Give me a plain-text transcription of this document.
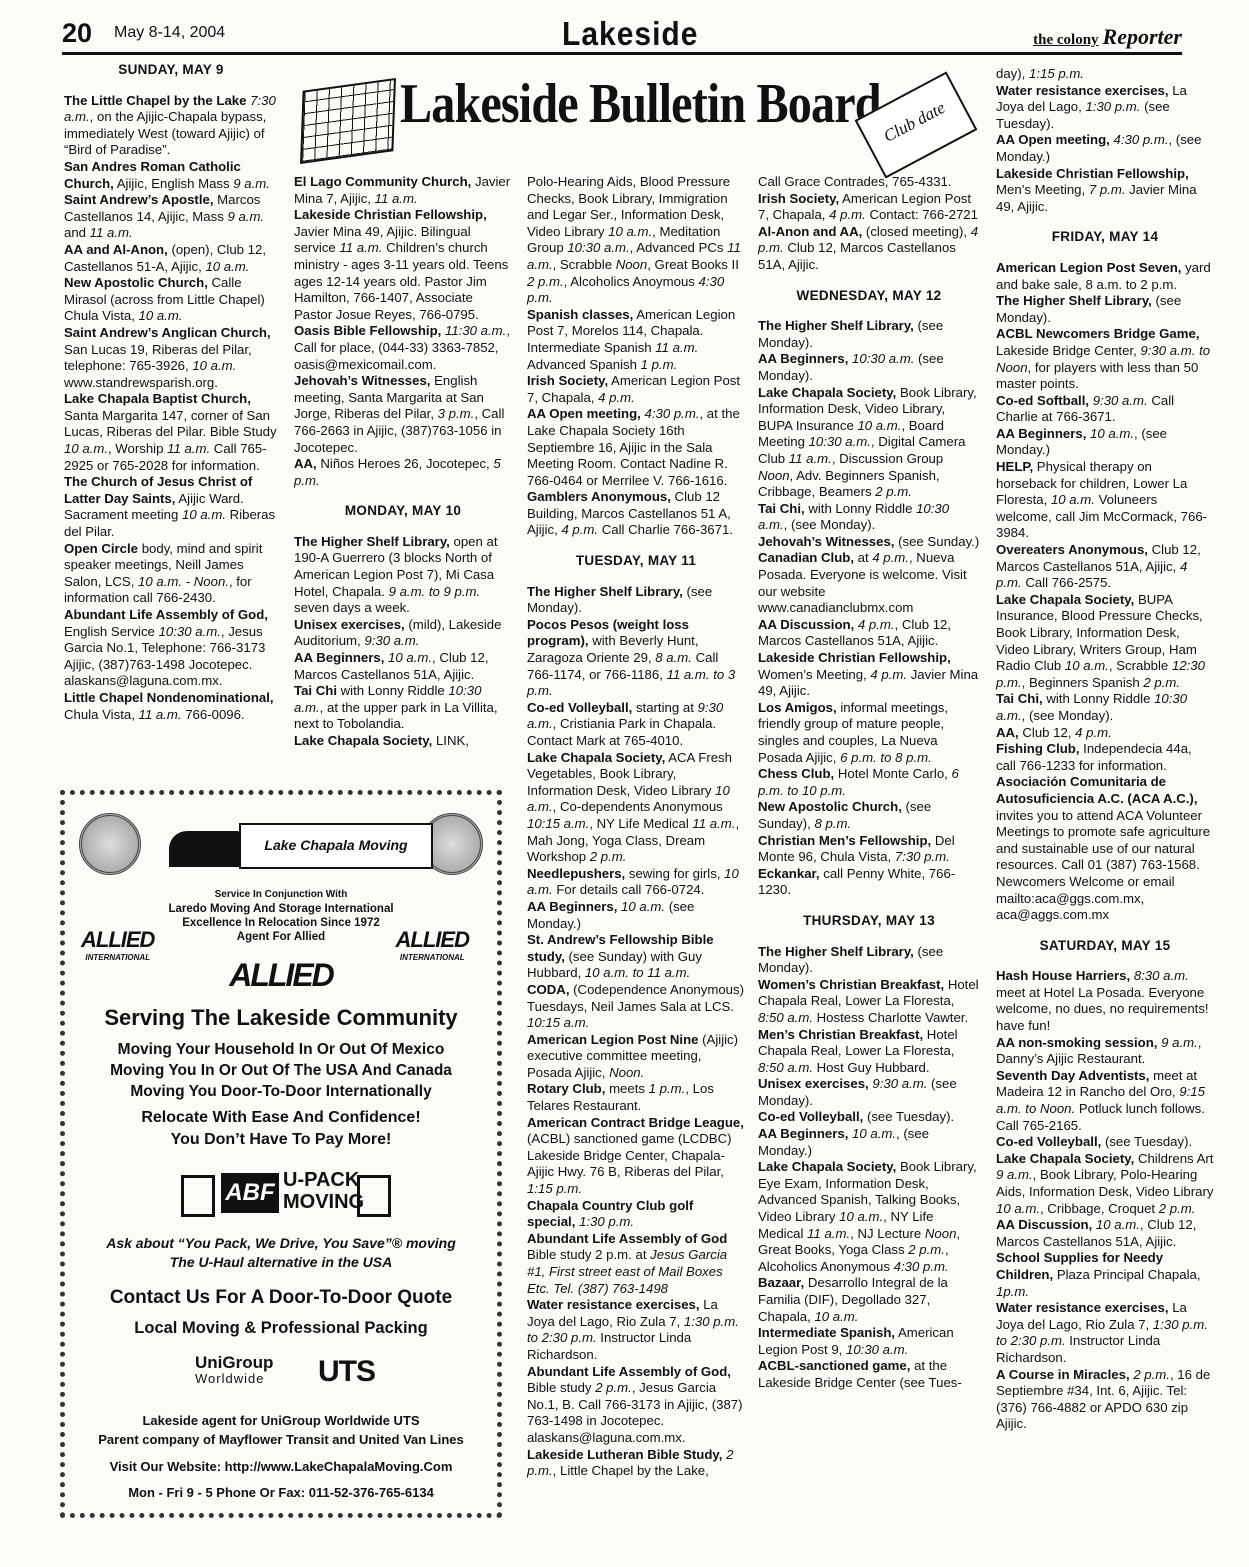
20 May 8-14, 2004	Lakeside	the colony Reporter
Lakeside Bulletin Board Club date
SUNDAY, MAY 9

The Little Chapel by the Lake 7:30 a.m., on the Ajijic-Chapala bypass, immediately West (toward Ajijic) of “Bird of Paradise”.

San Andres Roman Catholic Church, Ajijic, English Mass 9 a.m.

Saint Andrew’s Apostle, Marcos Castellanos 14, Ajijic, Mass 9 a.m. and 11 a.m.

AA and Al-Anon, (open), Club 12, Castellanos 51-A, Ajijic, 10 a.m.

New Apostolic Church, Calle Mirasol (across from Little Chapel) Chula Vista, 10 a.m.

Saint Andrew’s Anglican Church, San Lucas 19, Riberas del Pilar, telephone: 765-3926, 10 a.m. www.standrewsparish.org.

Lake Chapala Baptist Church, Santa Margarita 147, corner of San Lucas, Riberas del Pilar. Bible Study 10 a.m., Worship 11 a.m. Call 765-2925 or 765-2028 for information.

The Church of Jesus Christ of Latter Day Saints, Ajijic Ward. Sacrament meeting 10 a.m. Riberas del Pilar.

Open Circle body, mind and spirit speaker meetings, Neill James Salon, LCS, 10 a.m. - Noon., for information call 766-2430.

Abundant Life Assembly of God, English Service 10:30 a.m., Jesus Garcia No.1, Telephone: 766-3173 Ajijic, (387)763-1498 Jocotepec. alaskans@laguna.com.mx.

Little Chapel Nondenominational, Chula Vista, 11 a.m. 766-0096.

El Lago Community Church, Javier Mina 7, Ajijic, 11 a.m.

Lakeside Christian Fellowship, Javier Mina 49, Ajijic. Bilingual service 11 a.m. Children’s church ministry - ages 3-11 years old. Teens ages 12-14 years old. Pastor Jim Hamilton, 766-1407, Associate Pastor Josue Reyes, 766-0795.

Oasis Bible Fellowship, 11:30 a.m., Call for place, (044-33) 3363-7852, oasis@mexicomail.com.

Jehovah’s Witnesses, English meeting, Santa Margarita at San Jorge, Riberas del Pilar, 3 p.m., Call 766-2663 in Ajijic, (387)763-1056 in Jocotepec.

AA, Niños Heroes 26, Jocotepec, 5 p.m.

MONDAY, MAY 10

The Higher Shelf Library, open at 190-A Guerrero (3 blocks North of American Legion Post 7), Mi Casa Hotel, Chapala. 9 a.m. to 9 p.m. seven days a week.

Unisex exercises, (mild), Lakeside Auditorium, 9:30 a.m.

AA Beginners, 10 a.m., Club 12, Marcos Castellanos 51A, Ajijic.

Tai Chi with Lonny Riddle 10:30 a.m., at the upper park in La Villita, next to Tobolandia.

Lake Chapala Society, LINK,

Polo-Hearing Aids, Blood Pressure Checks, Book Library, Immigration and Legar Ser., Information Desk, Video Library 10 a.m., Meditation Group 10:30 a.m., Advanced PCs 11 a.m., Scrabble Noon, Great Books II 2 p.m., Alcoholics Anoymous 4:30 p.m.

Spanish classes, American Legion Post 7, Morelos 114, Chapala. Intermediate Spanish 11 a.m. Advanced Spanish 1 p.m.

Irish Society, American Legion Post 7, Chapala, 4 p.m.

AA Open meeting, 4:30 p.m., at the Lake Chapala Society 16th Septiembre 16, Ajijic in the Sala Meeting Room. Contact Nadine R. 766-0464 or Merrilee V. 766-1616.

Gamblers Anonymous, Club 12 Building, Marcos Castellanos 51 A, Ajijic, 4 p.m. Call Charlie 766-3671.

TUESDAY, MAY 11

The Higher Shelf Library, (see Monday).

Pocos Pesos (weight loss program), with Beverly Hunt, Zaragoza Oriente 29, 8 a.m. Call 766-1174, or 766-1186, 11 a.m. to 3 p.m.

Co-ed Volleyball, starting at 9:30 a.m., Cristiania Park in Chapala. Contact Mark at 765-4010.

Lake Chapala Society, ACA Fresh Vegetables, Book Library, Information Desk, Video Library 10 a.m., Co-dependents Anonymous 10:15 a.m., NY Life Medical 11 a.m., Mah Jong, Yoga Class, Dream Workshop 2 p.m.

Needlepushers, sewing for girls, 10 a.m. For details call 766-0724.

AA Beginners, 10 a.m. (see Monday.)

St. Andrew’s Fellowship Bible study, (see Sunday) with Guy Hubbard, 10 a.m. to 11 a.m.

CODA, (Codependence Anonymous) Tuesdays, Neil James Sala at LCS. 10:15 a.m.

American Legion Post Nine (Ajijic) executive committee meeting, Posada Ajijic, Noon.

Rotary Club, meets 1 p.m., Los Telares Restaurant.

American Contract Bridge League, (ACBL) sanctioned game (LCDBC) Lakeside Bridge Center, Chapala-Ajijic Hwy. 76 B, Riberas del Pilar, 1:15 p.m.

Chapala Country Club golf special, 1:30 p.m.

Abundant Life Assembly of God Bible study 2 p.m. at Jesus Garcia #1, First street east of Mail Boxes Etc. Tel. (387) 763-1498

Water resistance exercises, La Joya del Lago, Rio Zula 7, 1:30 p.m. to 2:30 p.m. Instructor Linda Richardson.

Abundant Life Assembly of God, Bible study 2 p.m., Jesus Garcia No.1, B. Call 766-3173 in Ajijic, (387) 763-1498 in Jocotepec. alaskans@laguna.com.mx.

Lakeside Lutheran Bible Study, 2 p.m., Little Chapel by the Lake,

Call Grace Contrades, 765-4331.

Irish Society, American Legion Post 7, Chapala, 4 p.m. Contact: 766-2721

Al-Anon and AA, (closed meeting), 4 p.m. Club 12, Marcos Castellanos 51A, Ajijic.

WEDNESDAY, MAY 12

The Higher Shelf Library, (see Monday).

AA Beginners, 10:30 a.m. (see Monday).

Lake Chapala Society, Book Library, Information Desk, Video Library, BUPA Insurance 10 a.m., Board Meeting 10:30 a.m., Digital Camera Club 11 a.m., Discussion Group Noon, Adv. Beginners Spanish, Cribbage, Beamers 2 p.m.

Tai Chi, with Lonny Riddle 10:30 a.m., (see Monday).

Jehovah’s Witnesses, (see Sunday.)

Canadian Club, at 4 p.m., Nueva Posada. Everyone is welcome. Visit our website www.canadianclubmx.com

AA Discussion, 4 p.m., Club 12, Marcos Castellanos 51A, Ajijic.

Lakeside Christian Fellowship, Women’s Meeting, 4 p.m. Javier Mina 49, Ajijic.

Los Amigos, informal meetings, friendly group of mature people, singles and couples, La Nueva Posada Ajijic, 6 p.m. to 8 p.m.

Chess Club, Hotel Monte Carlo, 6 p.m. to 10 p.m.

New Apostolic Church, (see Sunday), 8 p.m.

Christian Men’s Fellowship, Del Monte 96, Chula Vista, 7:30 p.m.

Eckankar, call Penny White, 766-1230.

THURSDAY, MAY 13

The Higher Shelf Library, (see Monday).

Women’s Christian Breakfast, Hotel Chapala Real, Lower La Floresta, 8:50 a.m. Hostess Charlotte Vawter.

Men’s Christian Breakfast, Hotel Chapala Real, Lower La Floresta, 8:50 a.m. Host Guy Hubbard.

Unisex exercises, 9:30 a.m. (see Monday).

Co-ed Volleyball, (see Tuesday).

AA Beginners, 10 a.m., (see Monday.)

Lake Chapala Society, Book Library, Eye Exam, Information Desk, Advanced Spanish, Talking Books, Video Library 10 a.m., NY Life Medical 11 a.m., NJ Lecture Noon, Great Books, Yoga Class 2 p.m., Alcoholics Anonymous 4:30 p.m.

Bazaar, Desarrollo Integral de la Familia (DIF), Degollado 327, Chapala, 10 a.m.

Intermediate Spanish, American Legion Post 9, 10:30 a.m.

ACBL-sanctioned game, at the Lakeside Bridge Center (see Tues-

day), 1:15 p.m.

Water resistance exercises, La Joya del Lago, 1:30 p.m. (see Tuesday).

AA Open meeting, 4:30 p.m., (see Monday.)

Lakeside Christian Fellowship, Men’s Meeting, 7 p.m. Javier Mina 49, Ajijic.

FRIDAY, MAY 14

American Legion Post Seven, yard and bake sale, 8 a.m. to 2 p.m.

The Higher Shelf Library, (see Monday).

ACBL Newcomers Bridge Game, Lakeside Bridge Center, 9:30 a.m. to Noon, for players with less than 50 master points.

Co-ed Softball, 9:30 a.m. Call Charlie at 766-3671.

AA Beginners, 10 a.m., (see Monday.)

HELP, Physical therapy on horseback for children, Lower La Floresta, 10 a.m. Voluneers welcome, call Jim McCormack, 766-3984.

Overeaters Anonymous, Club 12, Marcos Castellanos 51A, Ajijic, 4 p.m. Call 766-2575.

Lake Chapala Society, BUPA Insurance, Blood Pressure Checks, Book Library, Information Desk, Video Library, Writers Group, Ham Radio Club 10 a.m., Scrabble 12:30 p.m., Beginners Spanish 2 p.m.

Tai Chi, with Lonny Riddle 10:30 a.m., (see Monday).

AA, Club 12, 4 p.m.

Fishing Club, Independecia 44a, call 766-1233 for information.

Asociación Comunitaria de Autosuficiencia A.C. (ACA A.C.), invites you to attend ACA Volunteer Meetings to promote safe agriculture and sustainable use of our natural resources. Call 01 (387) 763-1568. Newcomers Welcome or email mailto:aca@ggs.com.mx, aca@aggs.com.mx

SATURDAY, MAY 15

Hash House Harriers, 8:30 a.m. meet at Hotel La Posada. Everyone welcome, no dues, no requirements! have fun!

AA non-smoking session, 9 a.m., Danny’s Ajijic Restaurant.

Seventh Day Adventists, meet at Madeira 12 in Rancho del Oro, 9:15 a.m. to Noon. Potluck lunch follows. Call 765-2165.

Co-ed Volleyball, (see Tuesday).

Lake Chapala Society, Childrens Art 9 a.m., Book Library, Polo-Hearing Aids, Information Desk, Video Library 10 a.m., Cribbage, Croquet 2 p.m.

AA Discussion, 10 a.m., Club 12, Marcos Castellanos 51A, Ajijic.

School Supplies for Needy Children, Plaza Principal Chapala, 1p.m.

Water resistance exercises, La Joya del Lago, Rio Zula 7, 1:30 p.m. to 2:30 p.m. Instructor Linda Richardson.

A Course in Miracles, 2 p.m., 16 de Septiembre #34, Int. 6, Ajijic. Tel: (376) 766-4882 or APDO 630 zip Ajijic.

Lake Chapala Moving
Service In Conjunction With
Laredo Moving And Storage International
Excellence In Relocation Since 1972
Agent For Allied
ALLIED
INTERNATIONAL
ALLIED
INTERNATIONAL
ALLIED
Serving The Lakeside Community
Moving Your Household In Or Out Of Mexico
Moving You In Or Out Of The USA And Canada
Moving You Door-To-Door Internationally
Relocate With Ease And Confidence!
You Don’t Have To Pay More!
ABF U-PACK
MOVING
Ask about “You Pack, We Drive, You Save”® moving
The U-Haul alternative in the USA
Contact Us For A Door-To-Door Quote
Local Moving & Professional Packing
UniGroup
Worldwide UTS
Lakeside agent for UniGroup Worldwide UTS
Parent company of Mayflower Transit and United Van Lines
Visit Our Website: http://www.LakeChapalaMoving.Com
Mon - Fri 9 - 5 Phone Or Fax: 011-52-376-765-6134
